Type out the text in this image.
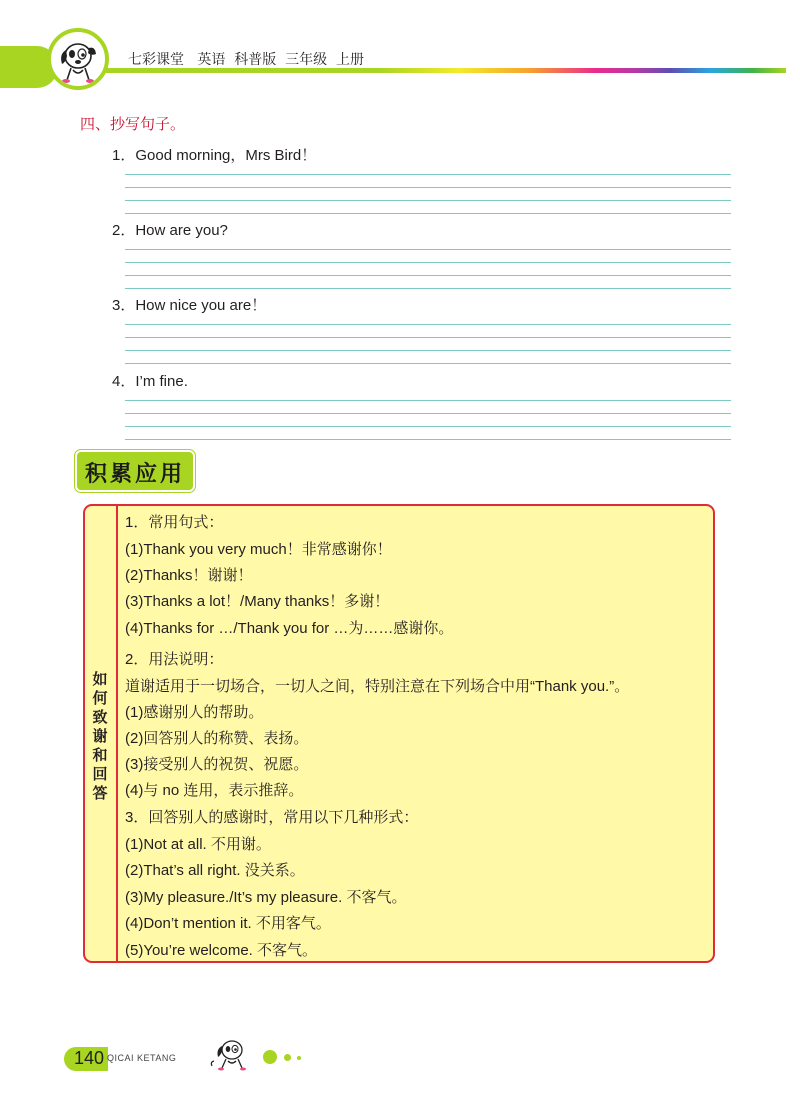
七彩课堂   英语  科普版  三年级  上册
四、抄写句子。
1．Good morning，Mrs Bird！
2．How are you?
3．How nice you are！
4．I’m fine.
积累应用
如
何
致
谢
和
回
答
1．常用句式：
(1)Thank you very much！非常感谢你！
(2)Thanks！谢谢！
(3)Thanks a lot！/Many thanks！多谢！
(4)Thanks for …/Thank you for …为……感谢你。
2．用法说明：
道谢适用于一切场合，一切人之间，特别注意在下列场合中用“Thank you.”。
(1)感谢别人的帮助。
(2)回答别人的称赞、表扬。
(3)接受别人的祝贺、祝愿。
(4)与 no 连用，表示推辞。
3．回答别人的感谢时，常用以下几种形式：
(1)Not at all. 不用谢。
(2)That’s all right. 没关系。
(3)My pleasure./It’s my pleasure. 不客气。
(4)Don’t mention it. 不用客气。
(5)You’re welcome. 不客气。
140 QICAI KETANG
